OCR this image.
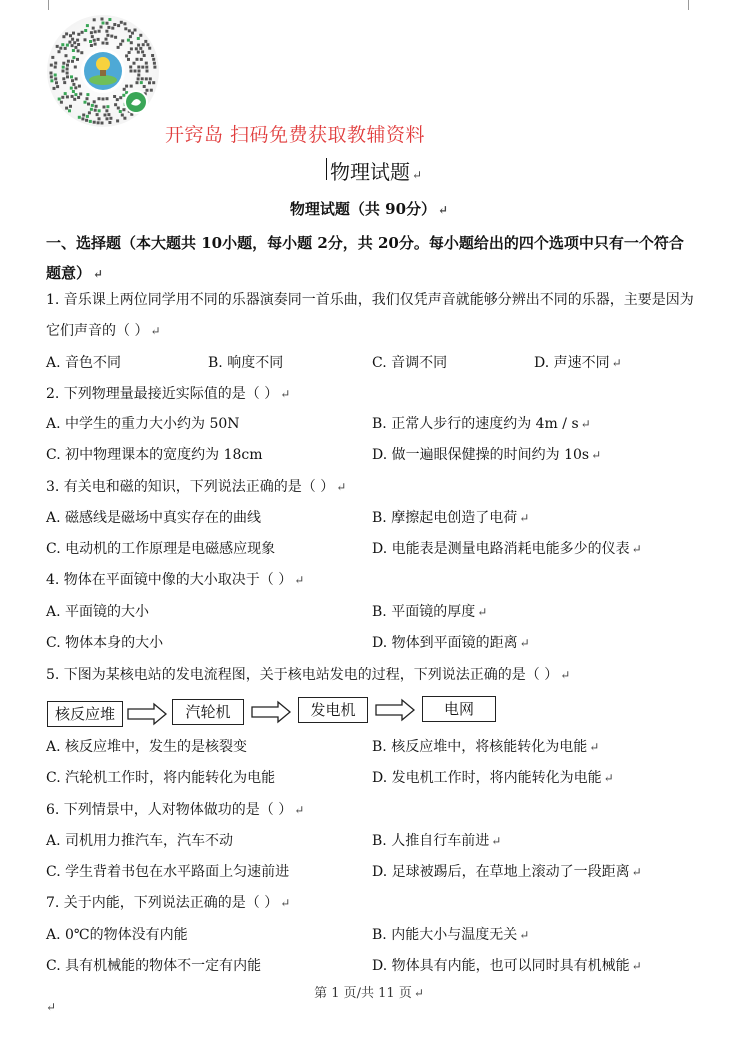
开窍岛 扫码免费获取教辅资料
物理试题 ↵
物理试题（共 90分） ↵
一、选择题（本大题共 10小题，每小题 2分，共 20分。每小题给出的四个选项中只有一个符合题意） ↵
1. 音乐课上两位同学用不同的乐器演奏同一首乐曲，我们仅凭声音就能够分辨出不同的乐器，主要是因为
它们声音的（ ） ↵
A. 音色不同	B. 响度不同	C. 音调不同	D. 声速不同 ↵
2. 下列物理量最接近实际值的是（ ） ↵
A. 中学生的重力大小约为 50N	B. 正常人步行的速度约为 4m / s ↵
C. 初中物理课本的宽度约为 18cm	D. 做一遍眼保健操的时间约为 10s ↵
3. 有关电和磁的知识，下列说法正确的是（ ） ↵
A. 磁感线是磁场中真实存在的曲线	B. 摩擦起电创造了电荷 ↵
C. 电动机的工作原理是电磁感应现象	D. 电能表是测量电路消耗电能多少的仪表 ↵
4. 物体在平面镜中像的大小取决于（ ） ↵
A. 平面镜的大小	B. 平面镜的厚度 ↵
C. 物体本身的大小	D. 物体到平面镜的距离 ↵
5. 下图为某核电站的发电流程图，关于核电站发电的过程，下列说法正确的是（ ） ↵
核反应堆	汽轮机	发电机	电网
A. 核反应堆中，发生的是核裂变	B. 核反应堆中，将核能转化为电能 ↵
C. 汽轮机工作时，将内能转化为电能	D. 发电机工作时，将内能转化为电能 ↵
6. 下列情景中，人对物体做功的是（ ） ↵
A. 司机用力推汽车，汽车不动	B. 人推自行车前进 ↵
C. 学生背着书包在水平路面上匀速前进	D. 足球被踢后，在草地上滚动了一段距离 ↵
7. 关于内能，下列说法正确的是（ ） ↵
A. 0℃的物体没有内能	B. 内能大小与温度无关 ↵
C. 具有机械能的物体不一定有内能	D. 物体具有内能，也可以同时具有机械能 ↵
第 1 页/共 11 页 ↵
↵
